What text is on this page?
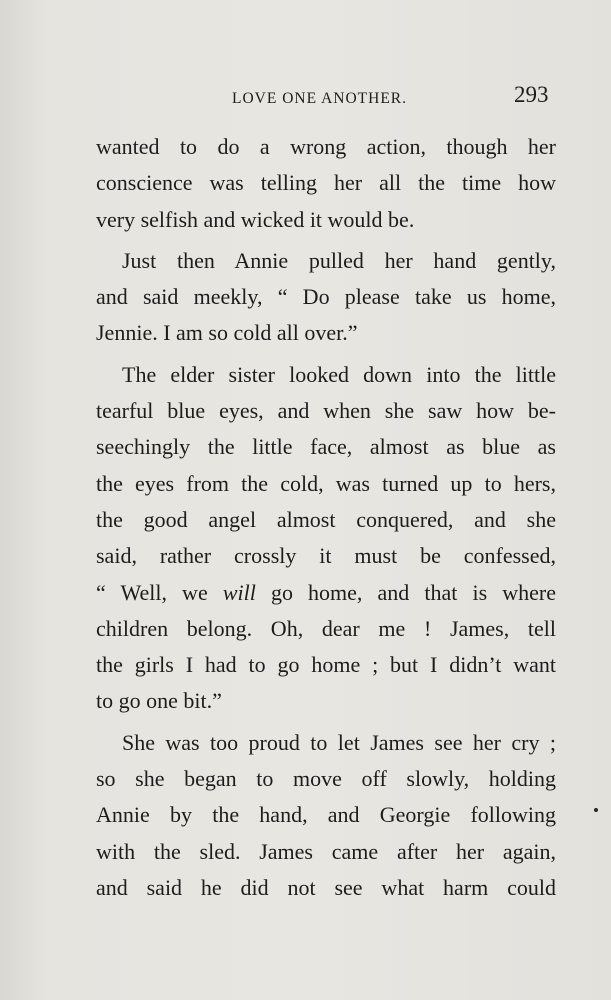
LOVE ONE ANOTHER.	293
wanted to do a wrong action, though her
conscience was telling her all the time how
very selfish and wicked it would be.
Just then Annie pulled her hand gently,
and said meekly, “ Do please take us home,
Jennie. I am so cold all over.”
The elder sister looked down into the little
tearful blue eyes, and when she saw how be-
seechingly the little face, almost as blue as
the eyes from the cold, was turned up to hers,
the good angel almost conquered, and she
said, rather crossly it must be confessed,
“ Well, we will go home, and that is where
children belong. Oh, dear me ! James, tell
the girls I had to go home ; but I didn’t want
to go one bit.”
She was too proud to let James see her cry ;
so she began to move off slowly, holding
Annie by the hand, and Georgie following
with the sled. James came after her again,
and said he did not see what harm could
